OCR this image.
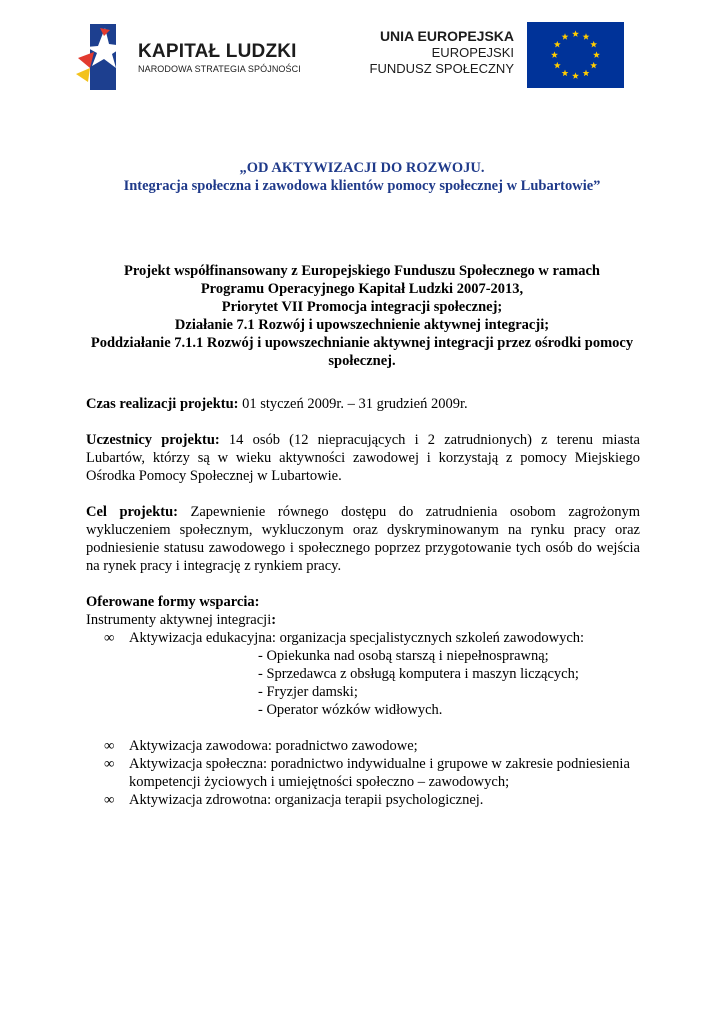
KAPITAŁ LUDZKI
NARODOWA STRATEGIA SPÓJNOŚCI
UNIA EUROPEJSKA
EUROPEJSKI
FUNDUSZ SPOŁECZNY
„OD AKTYWIZACJI DO ROZWOJU.
Integracja społeczna i zawodowa klientów pomocy społecznej w Lubartowie”
Projekt współfinansowany z Europejskiego Funduszu Społecznego w ramach
Programu Operacyjnego Kapitał Ludzki 2007-2013,
Priorytet VII Promocja integracji społecznej;
Działanie 7.1 Rozwój i upowszechnienie aktywnej integracji;
Poddziałanie 7.1.1 Rozwój i upowszechnianie aktywnej integracji przez ośrodki pomocy
społecznej.

Czas realizacji projektu: 01 styczeń 2009r. – 31 grudzień 2009r.

Uczestnicy projektu: 14 osób (12 niepracujących i 2 zatrudnionych) z terenu miasta Lubartów, którzy są w wieku aktywności zawodowej i korzystają z pomocy Miejskiego Ośrodka Pomocy Społecznej w Lubartowie.

Cel projektu: Zapewnienie równego dostępu do zatrudnienia osobom zagrożonym wykluczeniem społecznym, wykluczonym oraz dyskryminowanym na rynku pracy oraz podniesienie statusu zawodowego i społecznego poprzez przygotowanie tych osób do wejścia na rynek pracy i integrację z rynkiem pracy.

Oferowane formy wsparcia:
Instrumenty aktywnej integracji:
∞ Aktywizacja edukacyjna: organizacja specjalistycznych szkoleń zawodowych:
- Opiekunka nad osobą starszą i niepełnosprawną;
- Sprzedawca z obsługą komputera i maszyn liczących;
- Fryzjer damski;
- Operator wózków widłowych.
∞ Aktywizacja zawodowa: poradnictwo zawodowe;
∞ Aktywizacja społeczna: poradnictwo indywidualne i grupowe w zakresie podniesienia kompetencji życiowych i umiejętności społeczno – zawodowych;
∞ Aktywizacja zdrowotna: organizacja terapii psychologicznej.
